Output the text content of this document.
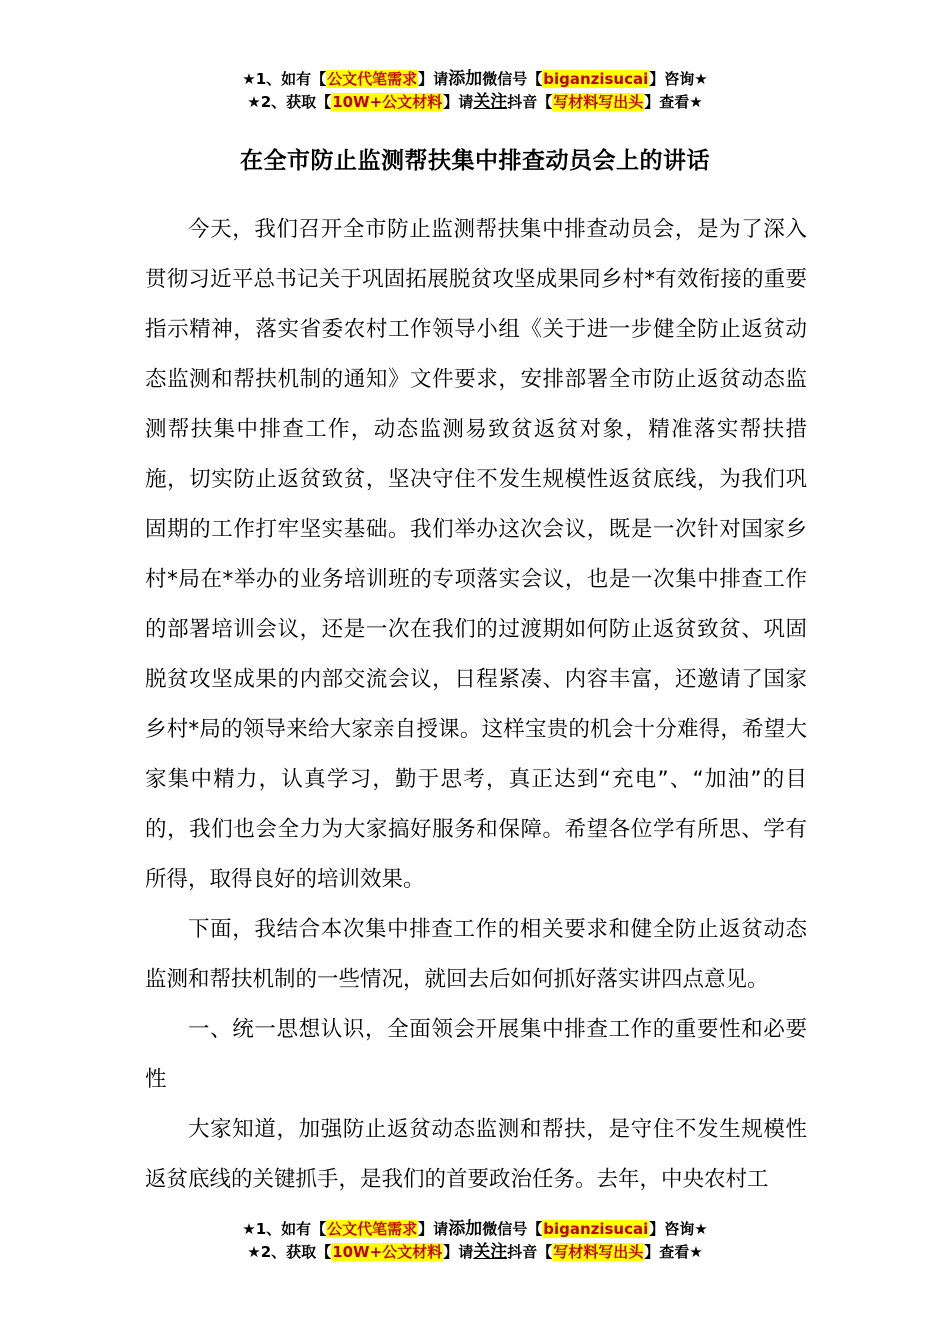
★1、如有【公文代笔需求】请添加微信号【biganzisucai】咨询★
★2、获取【10W+公文材料】请关注抖音【写材料写出头】查看★
在全市防止监测帮扶集中排查动员会上的讲话

今天，我们召开全市防止监测帮扶集中排查动员会，是为了深入贯彻习近平总书记关于巩固拓展脱贫攻坚成果同乡村*有效衔接的重要指示精神，落实省委农村工作领导小组《关于进一步健全防止返贫动态监测和帮扶机制的通知》文件要求，安排部署全市防止返贫动态监测帮扶集中排查工作，动态监测易致贫返贫对象，精准落实帮扶措施，切实防止返贫致贫，坚决守住不发生规模性返贫底线，为我们巩固期的工作打牢坚实基础。我们举办这次会议，既是一次针对国家乡村*局在*举办的业务培训班的专项落实会议，也是一次集中排查工作的部署培训会议，还是一次在我们的过渡期如何防止返贫致贫、巩固脱贫攻坚成果的内部交流会议，日程紧凑、内容丰富，还邀请了国家乡村*局的领导来给大家亲自授课。这样宝贵的机会十分难得，希望大家集中精力，认真学习，勤于思考，真正达到“充电”、“加油”的目的，我们也会全力为大家搞好服务和保障。希望各位学有所思、学有所得，取得良好的培训效果。

下面，我结合本次集中排查工作的相关要求和健全防止返贫动态监测和帮扶机制的一些情况，就回去后如何抓好落实讲四点意见。

一、统一思想认识，全面领会开展集中排查工作的重要性和必要性

大家知道，加强防止返贫动态监测和帮扶，是守住不发生规模性返贫底线的关键抓手，是我们的首要政治任务。去年，中央农村工

★1、如有【公文代笔需求】请添加微信号【biganzisucai】咨询★
★2、获取【10W+公文材料】请关注抖音【写材料写出头】查看★
